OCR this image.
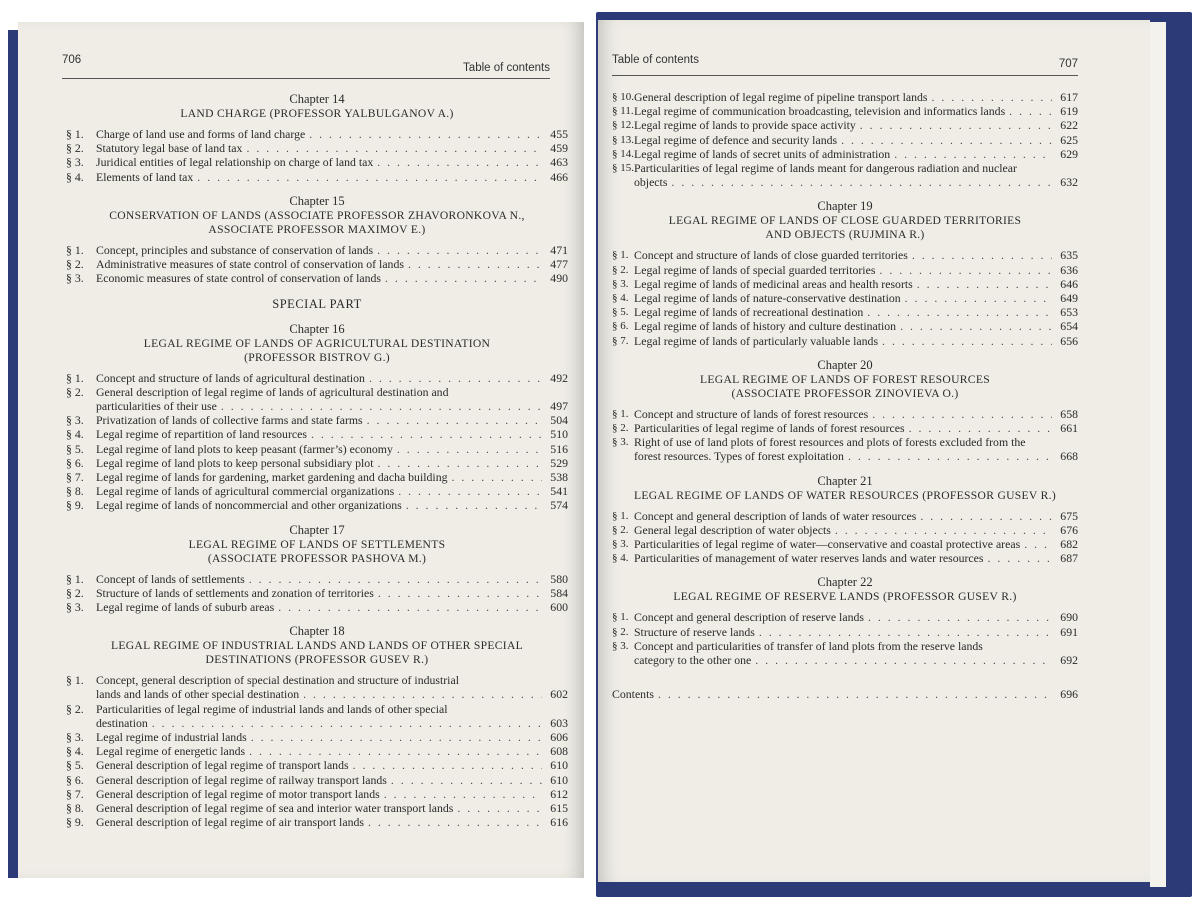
706
Table of contents
Chapter 14
LAND CHARGE (PROFESSOR YALBULGANOV A.)
§ 1.	Charge of land use and forms of land charge . . .	455
§ 2.	Statutory legal base of land tax . . .	459
§ 3.	Juridical entities of legal relationship on charge of land tax . . .	463
§ 4.	Elements of land tax . . .	466
Chapter 15
CONSERVATION OF LANDS (ASSOCIATE PROFESSOR ZHAVORONKOVA N.,
ASSOCIATE PROFESSOR MAXIMOV E.)
§ 1.	Concept, principles and substance of conservation of lands . . .	471
§ 2.	Administrative measures of state control of conservation of lands . . .	477
§ 3.	Economic measures of state control of conservation of lands . . .	490
SPECIAL PART
Chapter 16
LEGAL REGIME OF LANDS OF AGRICULTURAL DESTINATION
(PROFESSOR BISTROV G.)
§ 1.	Concept and structure of lands of agricultural destination . . .	492
§ 2.	General description of legal regime of lands of agricultural destination and
particularities of their use . . .	497
§ 3.	Privatization of lands of collective farms and state farms . . .	504
§ 4.	Legal regime of repartition of land resources . . .	510
§ 5.	Legal regime of land plots to keep peasant (farmer’s) economy . . .	516
§ 6.	Legal regime of land plots to keep personal subsidiary plot . . .	529
§ 7.	Legal regime of lands for gardening, market gardening and dacha building . . .	538
§ 8.	Legal regime of lands of agricultural commercial organizations . . .	541
§ 9.	Legal regime of lands of noncommercial and other organizations . . .	574
Chapter 17
LEGAL REGIME OF LANDS OF SETTLEMENTS
(ASSOCIATE PROFESSOR PASHOVA M.)
§ 1.	Concept of lands of settlements . . .	580
§ 2.	Structure of lands of settlements and zonation of territories . . .	584
§ 3.	Legal regime of lands of suburb areas . . .	600
Chapter 18
LEGAL REGIME OF INDUSTRIAL LANDS AND LANDS OF OTHER SPECIAL
DESTINATIONS (PROFESSOR GUSEV R.)
§ 1.	Concept, general description of special destination and structure of industrial
lands and lands of other special destination . . .	602
§ 2.	Particularities of legal regime of industrial lands and lands of other special
destination . . .	603
§ 3.	Legal regime of industrial lands . . .	606
§ 4.	Legal regime of energetic lands . . .	608
§ 5.	General description of legal regime of transport lands . . .	610
§ 6.	General description of legal regime of railway transport lands . . .	610
§ 7.	General description of legal regime of motor transport lands . . .	612
§ 8.	General description of legal regime of sea and interior water transport lands . . .	615
§ 9.	General description of legal regime of air transport lands . . .	616
Table of contents	707
§ 10. General description of legal regime of pipeline transport lands . . .	617
§ 11. Legal regime of communication broadcasting, television and informatics lands . . .	619
§ 12. Legal regime of lands to provide space activity . . .	622
§ 13. Legal regime of defence and security lands . . .	625
§ 14. Legal regime of lands of secret units of administration . . .	629
§ 15. Particularities of legal regime of lands meant for dangerous radiation and nuclear
objects . . .	632
Chapter 19
LEGAL REGIME OF LANDS OF CLOSE GUARDED TERRITORIES
AND OBJECTS (RUJMINA R.)
§ 1. Concept and structure of lands of close guarded territories . . .	635
§ 2. Legal regime of lands of special guarded territories . . .	636
§ 3. Legal regime of lands of medicinal areas and health resorts . . .	646
§ 4. Legal regime of lands of nature-conservative destination . . .	649
§ 5. Legal regime of lands of recreational destination . . .	653
§ 6. Legal regime of lands of history and culture destination . . .	654
§ 7. Legal regime of lands of particularly valuable lands . . .	656
Chapter 20
LEGAL REGIME OF LANDS OF FOREST RESOURCES
(ASSOCIATE PROFESSOR ZINOVIEVA O.)
§ 1. Concept and structure of lands of forest resources . . .	658
§ 2. Particularities of legal regime of lands of forest resources . . .	661
§ 3. Right of use of land plots of forest resources and plots of forests excluded from the
forest resources. Types of forest exploitation . . .	668
Chapter 21
LEGAL REGIME OF LANDS OF WATER RESOURCES (PROFESSOR GUSEV R.)
§ 1. Concept and general description of lands of water resources . . .	675
§ 2. General legal description of water objects . . .	676
§ 3. Particularities of legal regime of water—conservative and coastal protective areas . . .	682
§ 4. Particularities of management of water reserves lands and water resources . . .	687
Chapter 22
LEGAL REGIME OF RESERVE LANDS (PROFESSOR GUSEV R.)
§ 1. Concept and general description of reserve lands . . .	690
§ 2. Structure of reserve lands . . .	691
§ 3. Concept and particularities of transfer of land plots from the reserve lands
category to the other one . . .	692
Contents . . .	696
